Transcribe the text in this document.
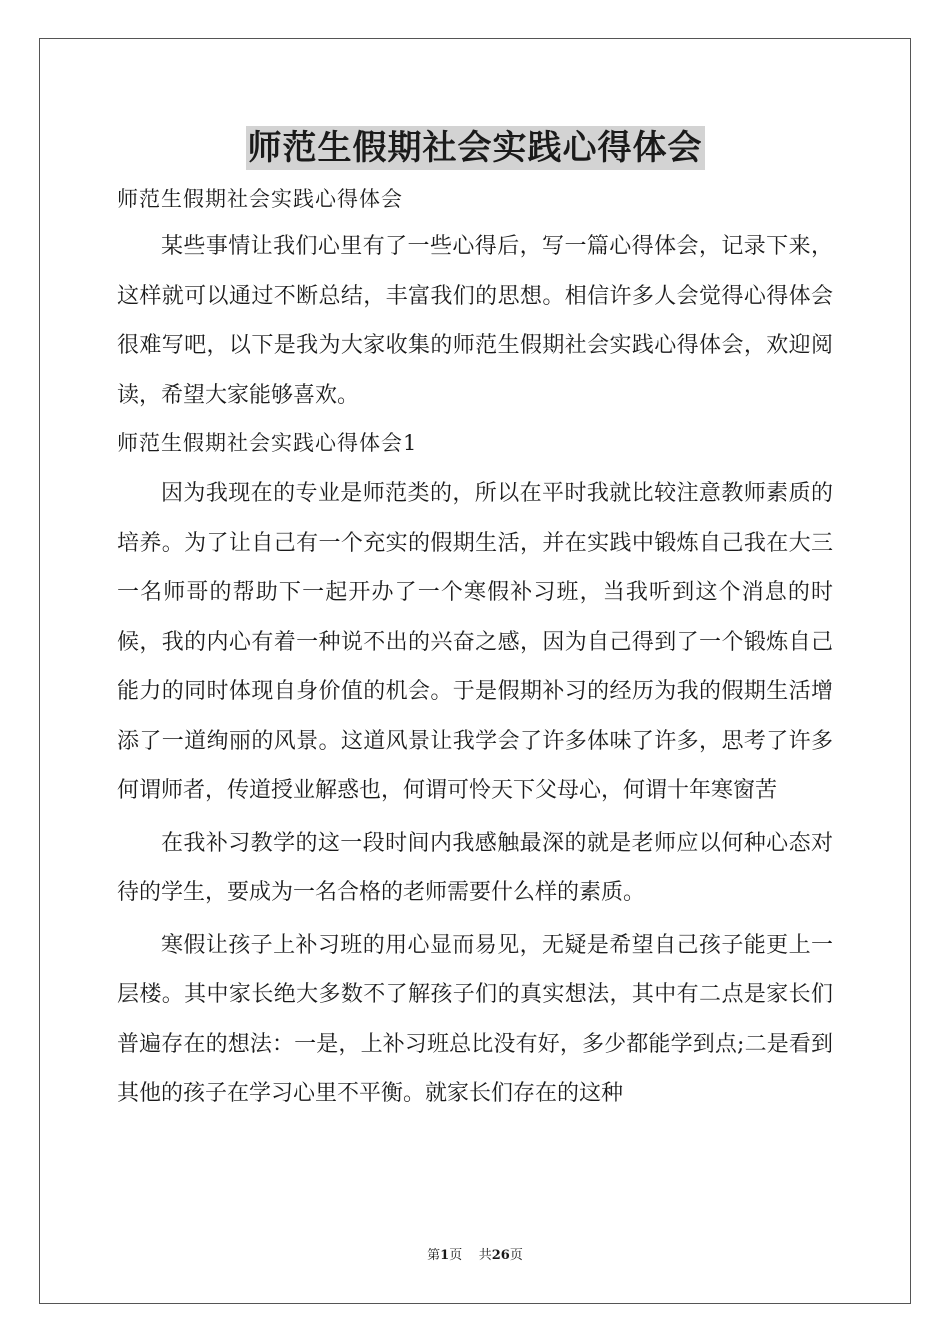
师范生假期社会实践心得体会
师范生假期社会实践心得体会

某些事情让我们心里有了一些心得后，写一篇心得体会，记录下来，这样就可以通过不断总结，丰富我们的思想。相信许多人会觉得心得体会很难写吧，以下是我为大家收集的师范生假期社会实践心得体会，欢迎阅读，希望大家能够喜欢。

师范生假期社会实践心得体会1

因为我现在的专业是师范类的，所以在平时我就比较注意教师素质的培养。为了让自己有一个充实的假期生活，并在实践中锻炼自己我在大三一名师哥的帮助下一起开办了一个寒假补习班，当我听到这个消息的时候，我的内心有着一种说不出的兴奋之感，因为自己得到了一个锻炼自己能力的同时体现自身价值的机会。于是假期补习的经历为我的假期生活增添了一道绚丽的风景。这道风景让我学会了许多体味了许多，思考了许多何谓师者，传道授业解惑也，何谓可怜天下父母心，何谓十年寒窗苦

在我补习教学的这一段时间内我感触最深的就是老师应以何种心态对待的学生，要成为一名合格的老师需要什么样的素质。

寒假让孩子上补习班的用心显而易见，无疑是希望自己孩子能更上一层楼。其中家长绝大多数不了解孩子们的真实想法，其中有二点是家长们普遍存在的想法：一是，上补习班总比没有好，多少都能学到点;二是看到其他的孩子在学习心里不平衡。就家长们存在的这种

第1页 共26页
